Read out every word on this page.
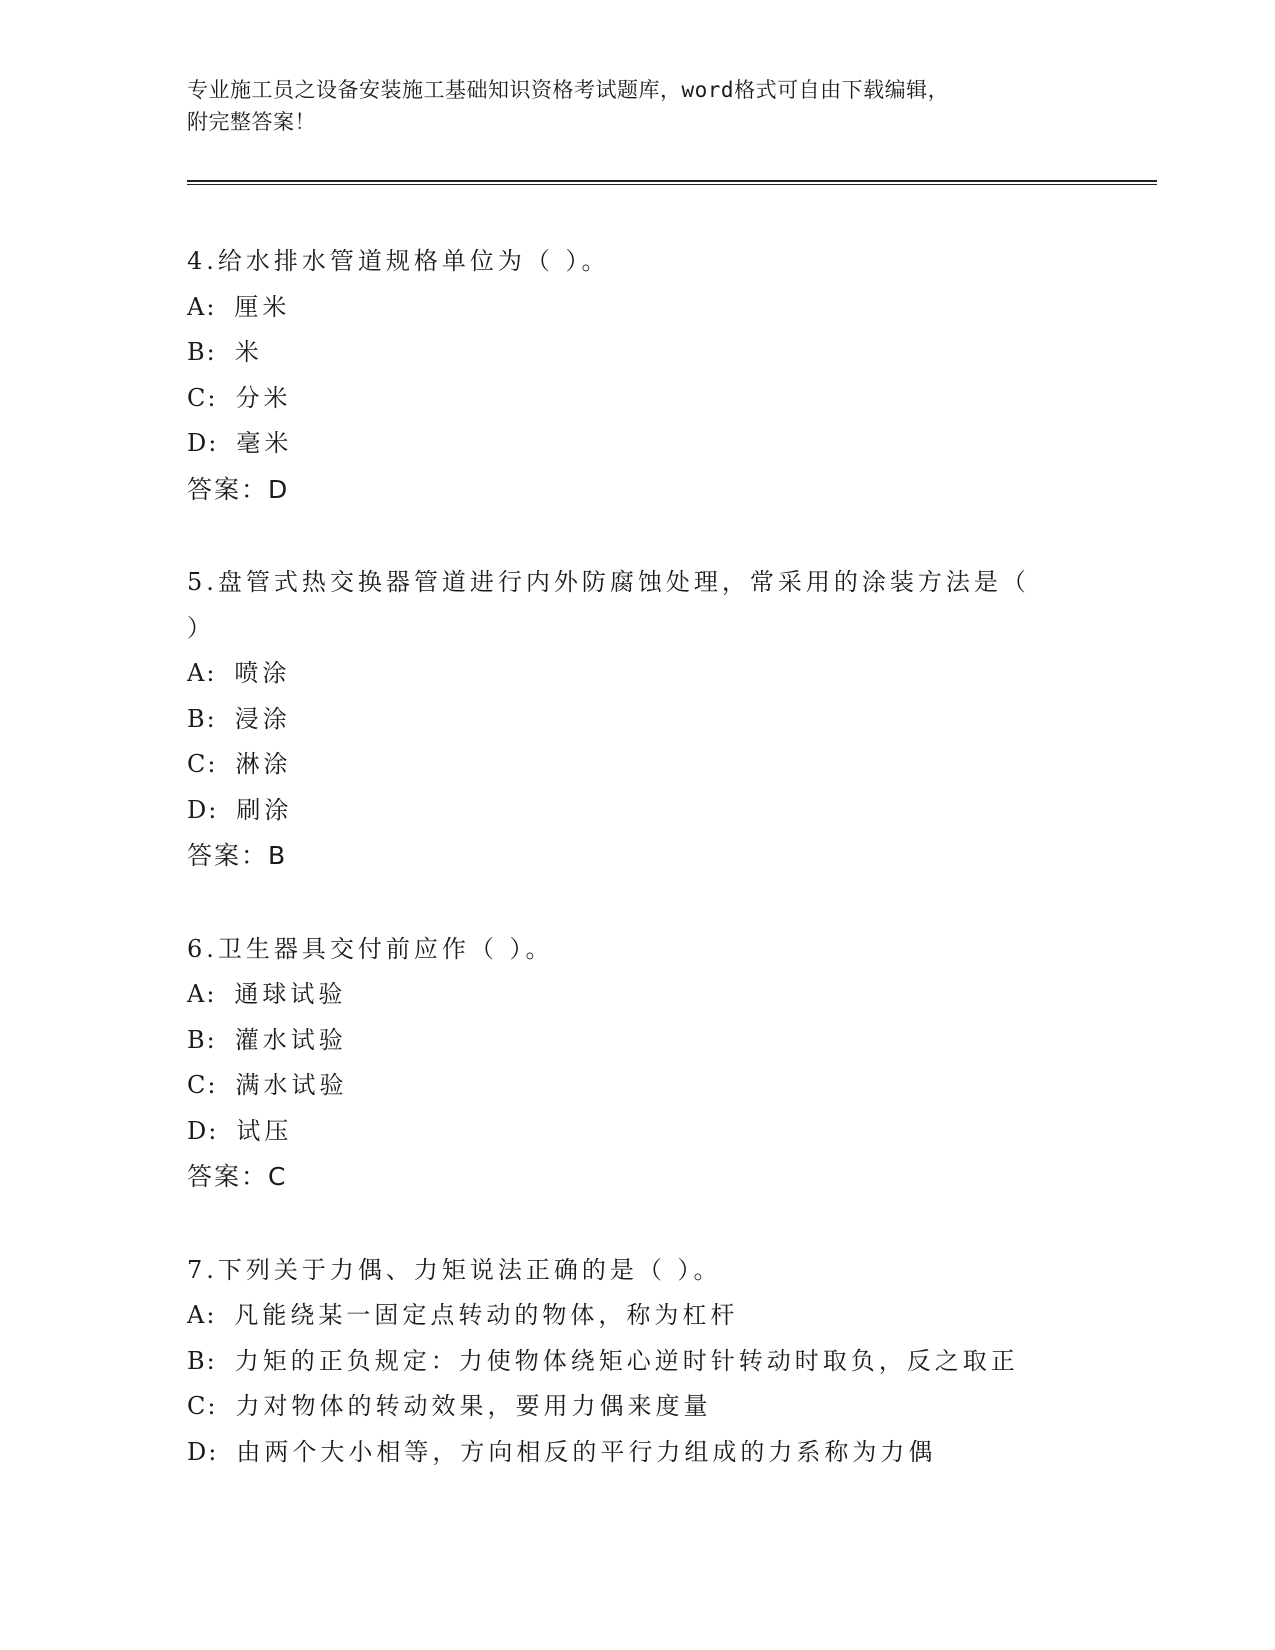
专业施工员之设备安装施工基础知识资格考试题库，word格式可自由下载编辑，

附完整答案！

4.给水排水管道规格单位为（ ）。

A: 厘米

B: 米

C: 分米

D: 毫米

答案：D

5.盘管式热交换器管道进行内外防腐蚀处理，常采用的涂装方法是（

）

A: 喷涂

B: 浸涂

C: 淋涂

D: 刷涂

答案：B

6.卫生器具交付前应作（ ）。

A: 通球试验

B: 灌水试验

C: 满水试验

D: 试压

答案：C

7.下列关于力偶、力矩说法正确的是（ ）。

A: 凡能绕某一固定点转动的物体，称为杠杆

B: 力矩的正负规定：力使物体绕矩心逆时针转动时取负，反之取正

C: 力对物体的转动效果，要用力偶来度量

D: 由两个大小相等，方向相反的平行力组成的力系称为力偶
